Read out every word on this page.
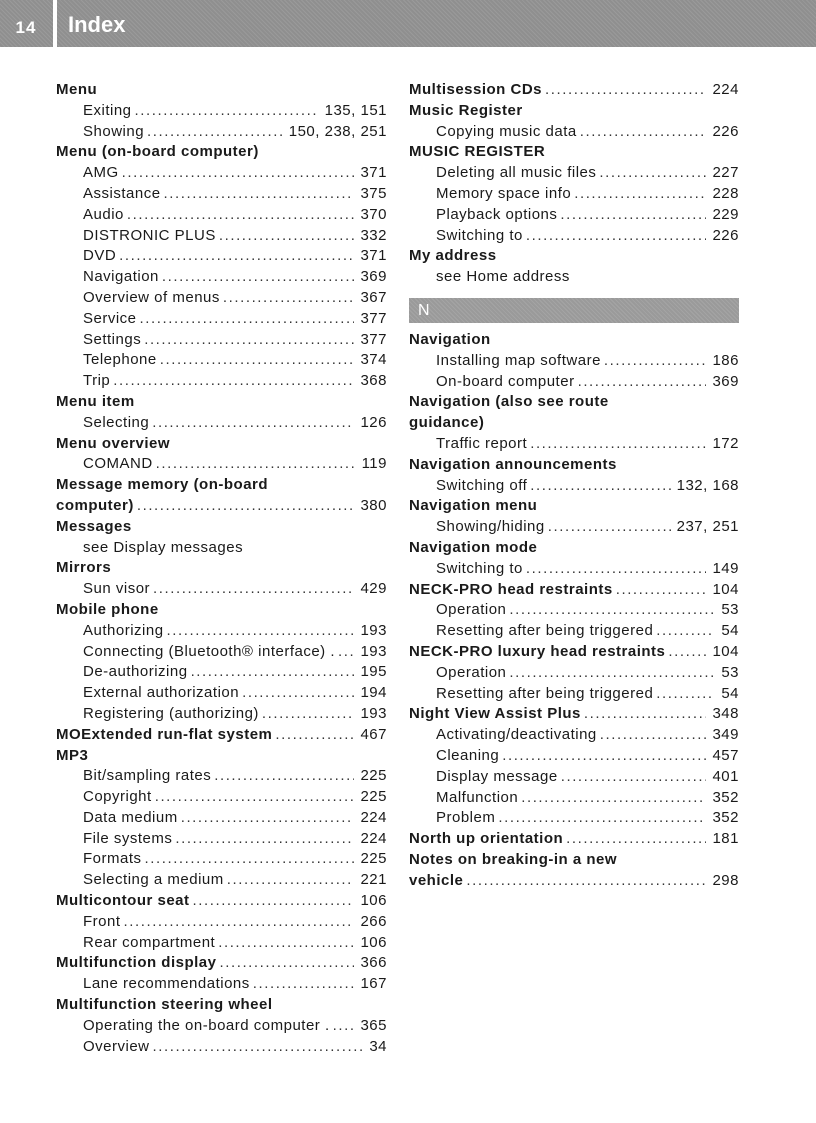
14	Index
Menu
Exiting . . .	135, 151
Showing . . .	150, 238, 251
Menu (on-board computer)
AMG . . .	371
Assistance . . .	375
Audio . . .	370
DISTRONIC PLUS . . .	332
DVD . . .	371
Navigation . . .	369
Overview of menus . . .	367
Service . . .	377
Settings . . .	377
Telephone . . .	374
Trip . . .	368
Menu item
Selecting . . .	126
Menu overview
COMAND . . .	119
Message memory (on-board
computer) . . .	380
Messages
see Display messages
Mirrors
Sun visor . . .	429
Mobile phone
Authorizing . . .	193
Connecting (Bluetooth® interface) . . . . 193
De-authorizing . . .	195
External authorization . . .	194
Registering (authorizing) . . .	193
MOExtended run-flat system . . .	467
MP3
Bit/sampling rates . . .	225
Copyright . . .	225
Data medium . . .	224
File systems . . .	224
Formats . . .	225
Selecting a medium . . .	221
Multicontour seat . . .	106
Front . . .	266
Rear compartment . . .	106
Multifunction display . . .	366
Lane recommendations . . .	167
Multifunction steering wheel
Operating the on-board computer . . . . 365
Overview . . .	34
Multisession CDs . . .	224
Music Register
Copying music data . . .	226
MUSIC REGISTER
Deleting all music files . . .	227
Memory space info . . .	228
Playback options . . .	229
Switching to . . .	226
My address
see Home address
N
Navigation
Installing map software . . .	186
On-board computer . . .	369
Navigation (also see route
guidance)
Traffic report . . .	172
Navigation announcements
Switching off . . .	132, 168
Navigation menu
Showing/hiding . . .	237, 251
Navigation mode
Switching to . . .	149
NECK-PRO head restraints . . .	104
Operation . . .	53
Resetting after being triggered . . .	54
NECK-PRO luxury head restraints . . .	104
Operation . . .	53
Resetting after being triggered . . .	54
Night View Assist Plus . . .	348
Activating/deactivating . . .	349
Cleaning . . .	457
Display message . . .	401
Malfunction . . .	352
Problem . . .	352
North up orientation . . .	181
Notes on breaking-in a new
vehicle . . .	298
